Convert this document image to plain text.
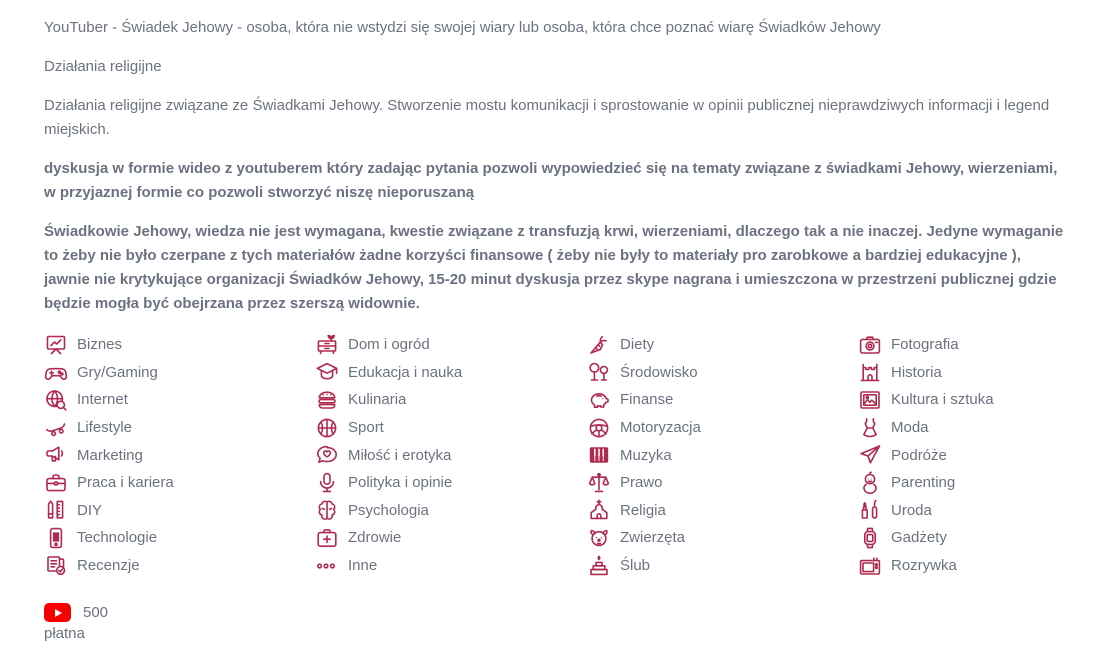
YouTuber - Świadek Jehowy - osoba, która nie wstydzi się swojej wiary lub osoba, która chce poznać wiarę Świadków Jehowy

Działania religijne

Działania religijne związane ze Świadkami Jehowy. Stworzenie mostu komunikacji i sprostowanie w opinii publicznej nieprawdziwych informacji i legend miejskich.

dyskusja w formie wideo z youtuberem który zadając pytania pozwoli wypowiedzieć się na tematy związane z świadkami Jehowy, wierzeniami, w przyjaznej formie co pozwoli stworzyć niszę nieporuszaną

Świadkowie Jehowy, wiedza nie jest wymagana, kwestie związane z transfuzją krwi, wierzeniami, dlaczego tak a nie inaczej. Jedyne wymaganie to żeby nie było czerpane z tych materiałów żadne korzyści finansowe ( żeby nie były to materiały pro zarobkowe a bardziej edukacyjne ), jawnie nie krytykujące organizacji Świadków Jehowy, 15-20 minut dyskusja przez skype nagrana i umieszczona w przestrzeni publicznej gdzie będzie mogła być obejrzana przez szerszą widownie.

Biznes
Gry/Gaming
Internet
Lifestyle
Marketing
Praca i kariera
DIY
Technologie
Recenzje
Dom i ogród
Edukacja i nauka
Kulinaria
Sport
Miłość i erotyka
Polityka i opinie
Psychologia
Zdrowie
Inne
Diety
Środowisko
Finanse
Motoryzacja
Muzyka
Prawo
Religia
Zwierzęta
Ślub
Fotografia
Historia
Kultura i sztuka
Moda
Podróże
Parenting
Uroda
Gadżety
Rozrywka
500

płatna
